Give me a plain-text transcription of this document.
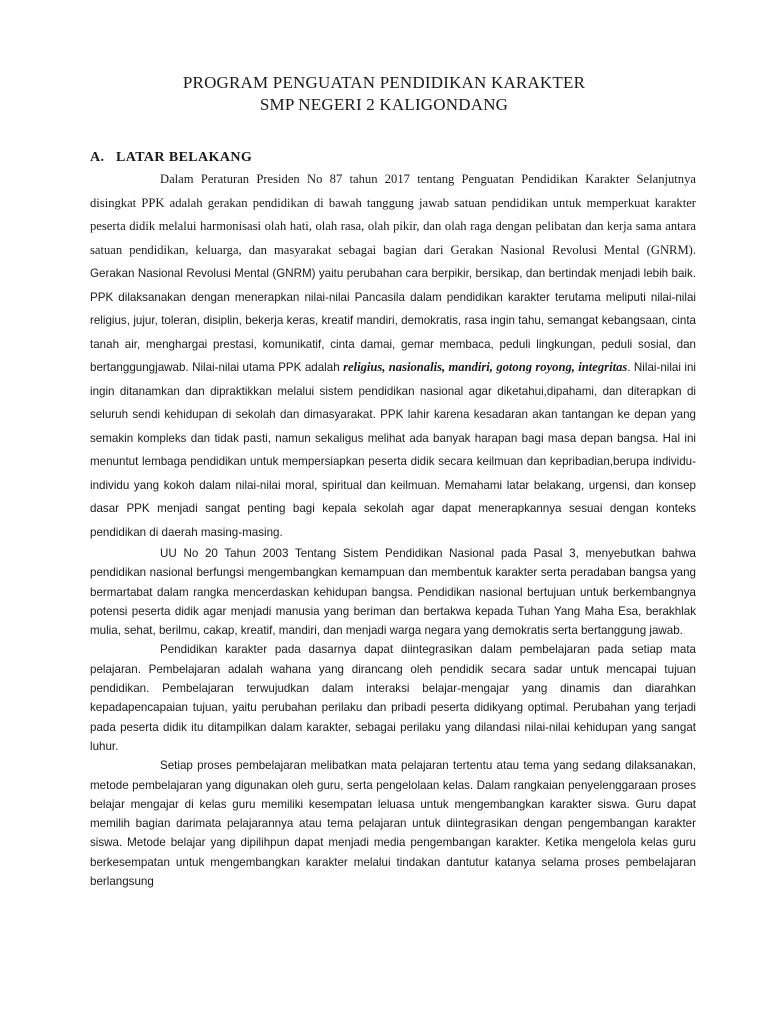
PROGRAM PENGUATAN PENDIDIKAN KARAKTER
SMP NEGERI 2 KALIGONDANG
A. LATAR BELAKANG

Dalam Peraturan Presiden No 87 tahun 2017 tentang Penguatan Pendidikan Karakter Selanjutnya disingkat PPK adalah gerakan pendidikan di bawah tanggung jawab satuan pendidikan untuk memperkuat karakter peserta didik melalui harmonisasi olah hati, olah rasa, olah pikir, dan olah raga dengan pelibatan dan kerja sama antara satuan pendidikan, keluarga, dan masyarakat sebagai bagian dari Gerakan Nasional Revolusi Mental (GNRM). Gerakan Nasional Revolusi Mental (GNRM) yaitu perubahan cara berpikir, bersikap, dan bertindak menjadi lebih baik. PPK dilaksanakan dengan menerapkan nilai-nilai Pancasila dalam pendidikan karakter terutama meliputi nilai-nilai religius, jujur, toleran, disiplin, bekerja keras, kreatif mandiri, demokratis, rasa ingin tahu, semangat kebangsaan, cinta tanah air, menghargai prestasi, komunikatif, cinta damai, gemar membaca, peduli lingkungan, peduli sosial, dan bertanggungjawab. Nilai-nilai utama PPK adalah religius, nasionalis, mandiri, gotong royong, integritas. Nilai-nilai ini ingin ditanamkan dan dipraktikkan melalui sistem pendidikan nasional agar diketahui,dipahami, dan diterapkan di seluruh sendi kehidupan di sekolah dan dimasyarakat. PPK lahir karena kesadaran akan tantangan ke depan yang semakin kompleks dan tidak pasti, namun sekaligus melihat ada banyak harapan bagi masa depan bangsa. Hal ini menuntut lembaga pendidikan untuk mempersiapkan peserta didik secara keilmuan dan kepribadian,berupa individu-individu yang kokoh dalam nilai-nilai moral, spiritual dan keilmuan. Memahami latar belakang, urgensi, dan konsep dasar PPK menjadi sangat penting bagi kepala sekolah agar dapat menerapkannya sesuai dengan konteks pendidikan di daerah masing-masing.

UU No 20 Tahun 2003 Tentang Sistem Pendidikan Nasional pada Pasal 3, menyebutkan bahwa pendidikan nasional berfungsi mengembangkan kemampuan dan membentuk karakter serta peradaban bangsa yang bermartabat dalam rangka mencerdaskan kehidupan bangsa. Pendidikan nasional bertujuan untuk berkembangnya potensi peserta didik agar menjadi manusia yang beriman dan bertakwa kepada Tuhan Yang Maha Esa, berakhlak mulia, sehat, berilmu, cakap, kreatif, mandiri, dan menjadi warga negara yang demokratis serta bertanggung jawab.

Pendidikan karakter pada dasarnya dapat diintegrasikan dalam pembelajaran pada setiap mata pelajaran. Pembelajaran adalah wahana yang dirancang oleh pendidik secara sadar untuk mencapai tujuan pendidikan. Pembelajaran terwujudkan dalam interaksi belajar-mengajar yang dinamis dan diarahkan kepadapencapaian tujuan, yaitu perubahan perilaku dan pribadi peserta didikyang optimal. Perubahan yang terjadi pada peserta didik itu ditampilkan dalam karakter, sebagai perilaku yang dilandasi nilai-nilai kehidupan yang sangat luhur.

Setiap proses pembelajaran melibatkan mata pelajaran tertentu atau tema yang sedang dilaksanakan, metode pembelajaran yang digunakan oleh guru, serta pengelolaan kelas. Dalam rangkaian penyelenggaraan proses belajar mengajar di kelas guru memiliki kesempatan leluasa untuk mengembangkan karakter siswa. Guru dapat memilih bagian darimata pelajarannya atau tema pelajaran untuk diintegrasikan dengan pengembangan karakter siswa. Metode belajar yang dipilihpun dapat menjadi media pengembangan karakter. Ketika mengelola kelas guru berkesempatan untuk mengembangkan karakter melalui tindakan dantutur katanya selama proses pembelajaran berlangsung
